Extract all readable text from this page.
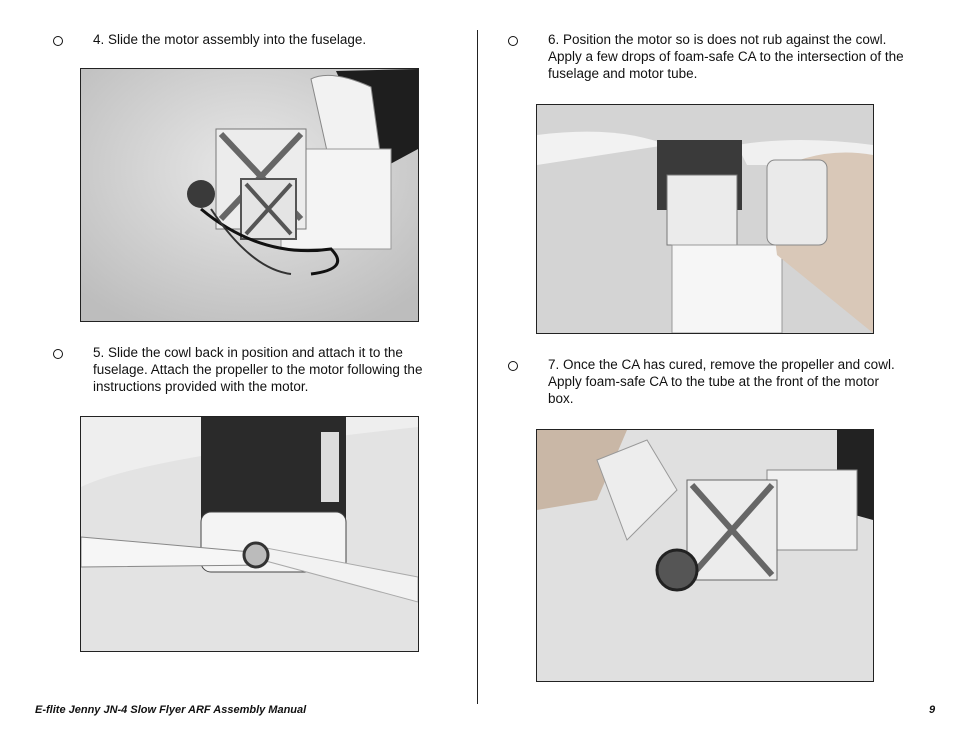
4. Slide the motor assembly into the fuselage.
5. Slide the cowl back in position and attach it to the fuselage. Attach the propeller to the motor following the instructions provided with the motor.
6. Position the motor so is does not rub against the cowl. Apply a few drops of foam-safe CA to the intersection of the fuselage and motor tube.
7. Once the CA has cured, remove the propeller and cowl. Apply foam-safe CA to the tube at the front of the motor box.
E-flite Jenny JN-4 Slow Flyer ARF Assembly Manual	9
